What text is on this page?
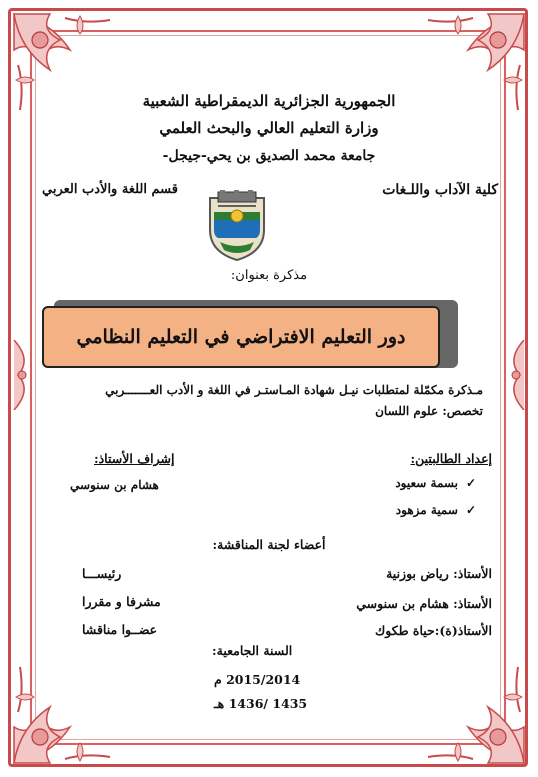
الجمهورية الجزائرية الديمقراطية الشعبية
وزارة التعليم العالي والبحث العلمي
جامعة محمد الصديق بن يحي-جيجل-
كلية الآداب واللـغات
قسم اللغة والأدب العربي
مذكرة بعنوان:
دور التعليم الافتراضي في التعليم النظامي
مـذكرة مكمّلة لمتطلبات نيـل شهادة المـاستـر في اللغة و الأدب العـــــــربي
تخصص: علوم اللسان
إعداد الطالبتين:
إشراف الأستاذ:
✓بسمة سعيود
✓سمية مزهود
هشام بن سنوسي
أعضاء لجنة المناقشة:
الأستاذ: رياض بوزنية
الأستاذ: هشام بن سنوسي
الأستاذ(ة):حياة طكوك
رئيســـا
مشرفا و مقررا
عضــوا مناقشا
السنة الجامعية:
2015/2014 م
1435 /1436 هـ
